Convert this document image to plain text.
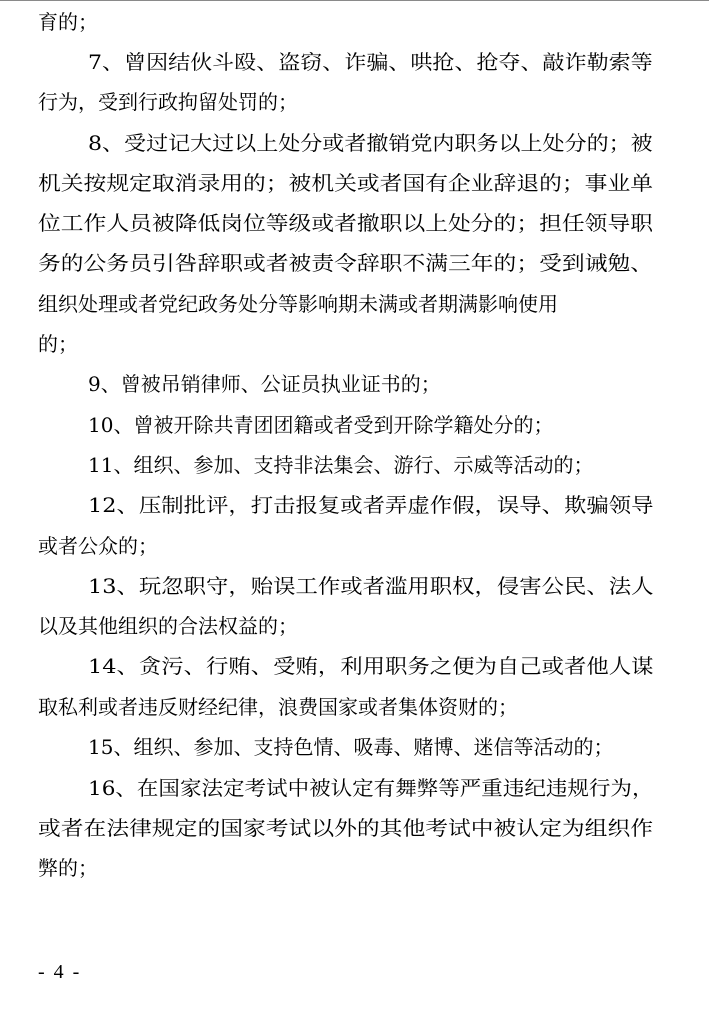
育的；
7、曾因结伙斗殴、盗窃、诈骗、哄抢、抢夺、敲诈勒索等
行为，受到行政拘留处罚的；
8、受过记大过以上处分或者撤销党内职务以上处分的；被
机关按规定取消录用的；被机关或者国有企业辞退的；事业单
位工作人员被降低岗位等级或者撤职以上处分的；担任领导职
务的公务员引咎辞职或者被责令辞职不满三年的；受到诫勉、
组织处理或者党纪政务处分等影响期未满或者期满影响使用
的；
9、曾被吊销律师、公证员执业证书的；
10、曾被开除共青团团籍或者受到开除学籍处分的；
11、组织、参加、支持非法集会、游行、示威等活动的；
12、压制批评，打击报复或者弄虚作假，误导、欺骗领导
或者公众的；
13、玩忽职守，贻误工作或者滥用职权，侵害公民、法人
以及其他组织的合法权益的；
14、贪污、行贿、受贿，利用职务之便为自己或者他人谋
取私利或者违反财经纪律，浪费国家或者集体资财的；
15、组织、参加、支持色情、吸毒、赌博、迷信等活动的；
16、在国家法定考试中被认定有舞弊等严重违纪违规行为，
或者在法律规定的国家考试以外的其他考试中被认定为组织作
弊的；
- 4 -
